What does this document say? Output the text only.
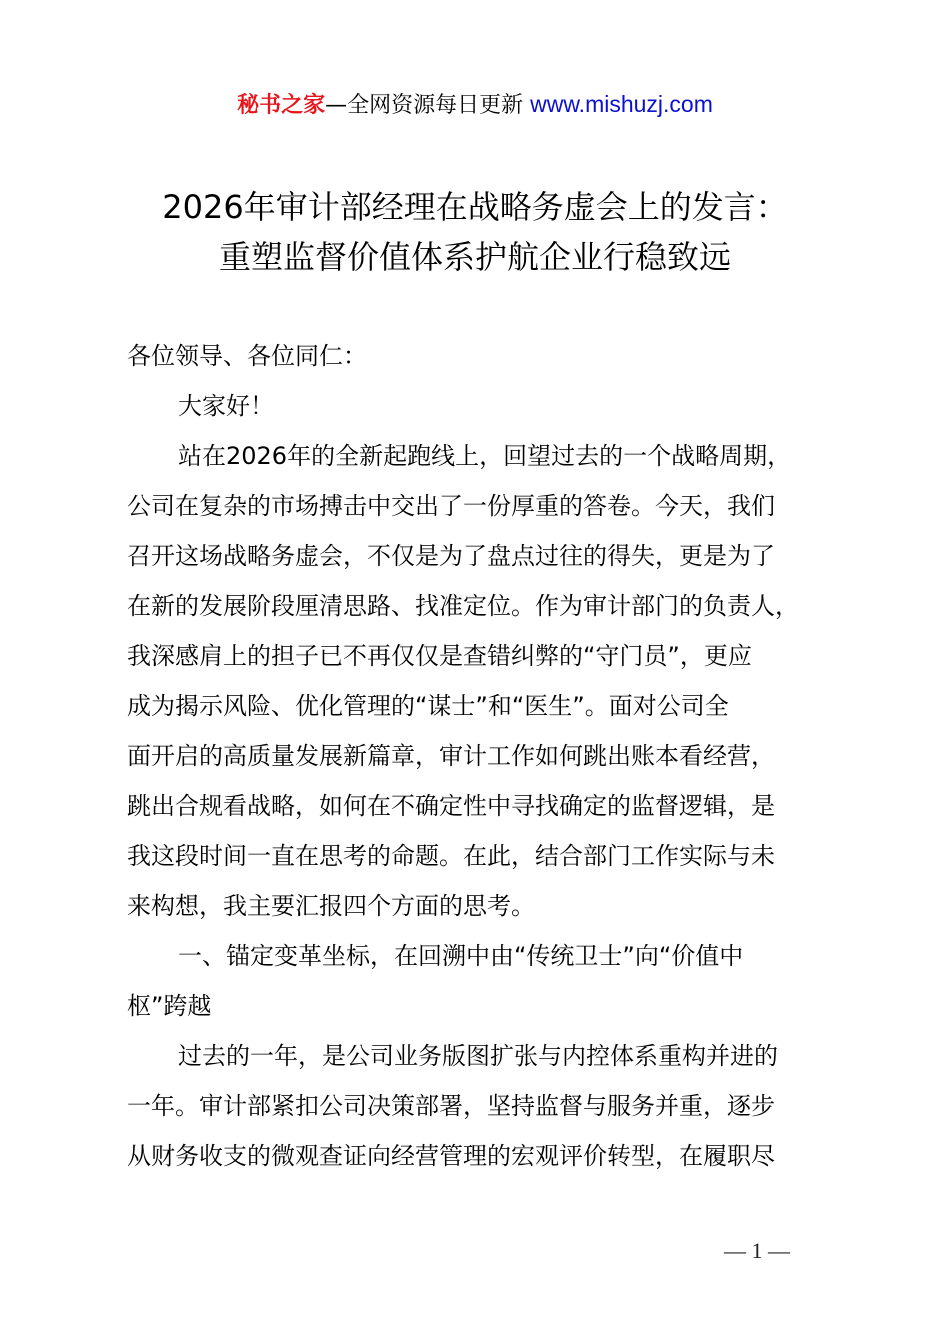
秘书之家—全网资源每日更新 www.mishuzj.com
2026年审计部经理在战略务虚会上的发言：
重塑监督价值体系护航企业行稳致远

各位领导、各位同仁：

大家好！

站在2026年的全新起跑线上，回望过去的一个战略周期，
公司在复杂的市场搏击中交出了一份厚重的答卷。今天，我们
召开这场战略务虚会，不仅是为了盘点过往的得失，更是为了
在新的发展阶段厘清思路、找准定位。作为审计部门的负责人，
我深感肩上的担子已不再仅仅是查错纠弊的“守门员”，更应
成为揭示风险、优化管理的“谋士”和“医生”。面对公司全
面开启的高质量发展新篇章，审计工作如何跳出账本看经营，
跳出合规看战略，如何在不确定性中寻找确定的监督逻辑，是
我这段时间一直在思考的命题。在此，结合部门工作实际与未
来构想，我主要汇报四个方面的思考。
一、锚定变革坐标，在回溯中由“传统卫士”向“价值中
枢”跨越
过去的一年，是公司业务版图扩张与内控体系重构并进的
一年。审计部紧扣公司决策部署，坚持监督与服务并重，逐步
从财务收支的微观查证向经营管理的宏观评价转型，在履职尽
— 1 —
